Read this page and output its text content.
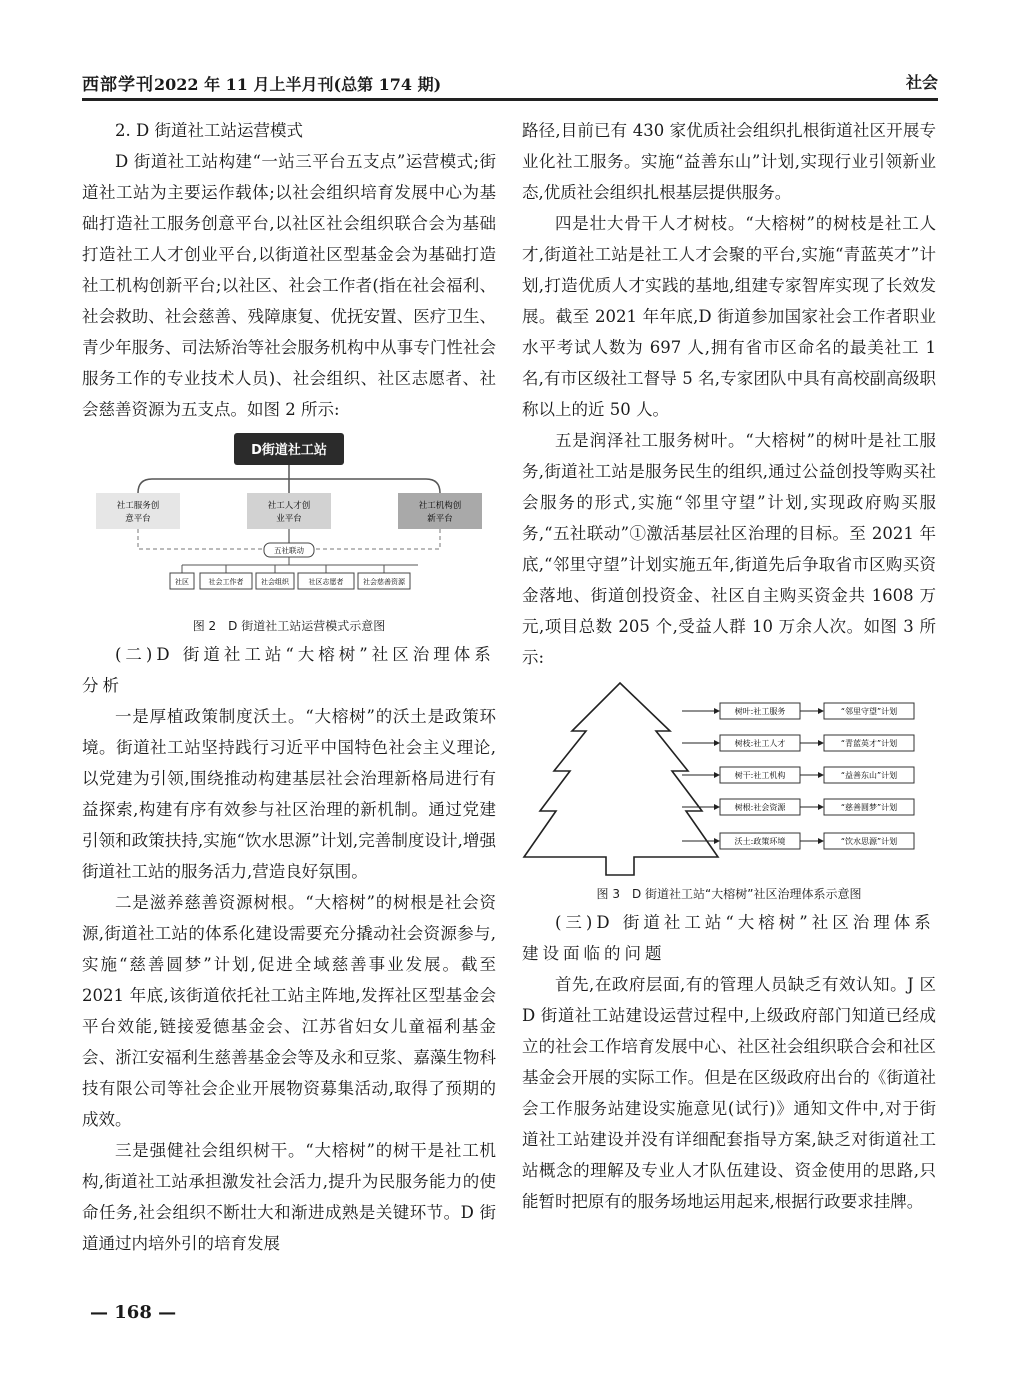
西部学刊2022 年 11 月上半月刊(总第 174 期)	社会

2. D 街道社工站运营模式

D 街道社工站构建“一站三平台五支点”运营模式;街道社工站为主要运作载体;以社会组织培育发展中心为基础打造社工服务创意平台,以社区社会组织联合会为基础打造社工人才创业平台,以街道社区型基金会为基础打造社工机构创新平台;以社区、社会工作者(指在社会福利、社会救助、社会慈善、残障康复、优抚安置、医疗卫生、青少年服务、司法矫治等社会服务机构中从事专门性社会服务工作的专业技术人员)、社会组织、社区志愿者、社会慈善资源为五支点。如图 2 所示:

D街道社工站
社工服务创
意平台
社工人才创
业平台
社工机构创
新平台
五社联动
社区	社会工作者	社会组织	社区志愿者	社会慈善资源
图 2　D 街道社工站运营模式示意图

(二)D 街道社工站“大榕树”社区治理体系分析

一是厚植政策制度沃土。“大榕树”的沃土是政策环境。街道社工站坚持践行习近平中国特色社会主义理论,以党建为引领,围绕推动构建基层社会治理新格局进行有益探索,构建有序有效参与社区治理的新机制。通过党建引领和政策扶持,实施“饮水思源”计划,完善制度设计,增强街道社工站的服务活力,营造良好氛围。

二是滋养慈善资源树根。“大榕树”的树根是社会资源,街道社工站的体系化建设需要充分撬动社会资源参与,实施“慈善圆梦”计划,促进全域慈善事业发展。截至 2021 年底,该街道依托社工站主阵地,发挥社区型基金会平台效能,链接爱德基金会、江苏省妇女儿童福利基金会、浙江安福利生慈善基金会等及永和豆浆、嘉藻生物科技有限公司等社会企业开展物资募集活动,取得了预期的成效。

三是强健社会组织树干。“大榕树”的树干是社工机构,街道社工站承担激发社会活力,提升为民服务能力的使命任务,社会组织不断壮大和渐进成熟是关键环节。D 街道通过内培外引的培育发展

路径,目前已有 430 家优质社会组织扎根街道社区开展专业化社工服务。实施“益善东山”计划,实现行业引领新业态,优质社会组织扎根基层提供服务。

四是壮大骨干人才树枝。“大榕树”的树枝是社工人才,街道社工站是社工人才会聚的平台,实施“青蓝英才”计划,打造优质人才实践的基地,组建专家智库实现了长效发展。截至 2021 年年底,D 街道参加国家社会工作者职业水平考试人数为 697 人,拥有省市区命名的最美社工 1 名,有市区级社工督导 5 名,专家团队中具有高校副高级职称以上的近 50 人。

五是润泽社工服务树叶。“大榕树”的树叶是社工服务,街道社工站是服务民生的组织,通过公益创投等购买社会服务的形式,实施“邻里守望”计划,实现政府购买服务,“五社联动”①激活基层社区治理的目标。至 2021 年底,“邻里守望”计划实施五年,街道先后争取省市区购买资金落地、街道创投资金、社区自主购买资金共 1608 万元,项目总数 205 个,受益人群 10 万余人次。如图 3 所示:

树叶:社工服务	“邻里守望”计划
树枝:社工人才	“青蓝英才”计划
树干:社工机构	“益善东山”计划
树根:社会资源	“慈善圆梦”计划
沃土:政策环境	“饮水思源”计划
图 3　D 街道社工站“大榕树”社区治理体系示意图

(三)D 街道社工站“大榕树”社区治理体系建设面临的问题

首先,在政府层面,有的管理人员缺乏有效认知。J 区 D 街道社工站建设运营过程中,上级政府部门知道已经成立的社会工作培育发展中心、社区社会组织联合会和社区基金会开展的实际工作。但是在区级政府出台的《街道社会工作服务站建设实施意见(试行)》通知文件中,对于街道社工站建设并没有详细配套指导方案,缺乏对街道社工站概念的理解及专业人才队伍建设、资金使用的思路,只能暂时把原有的服务场地运用起来,根据行政要求挂牌。

— 168 —
